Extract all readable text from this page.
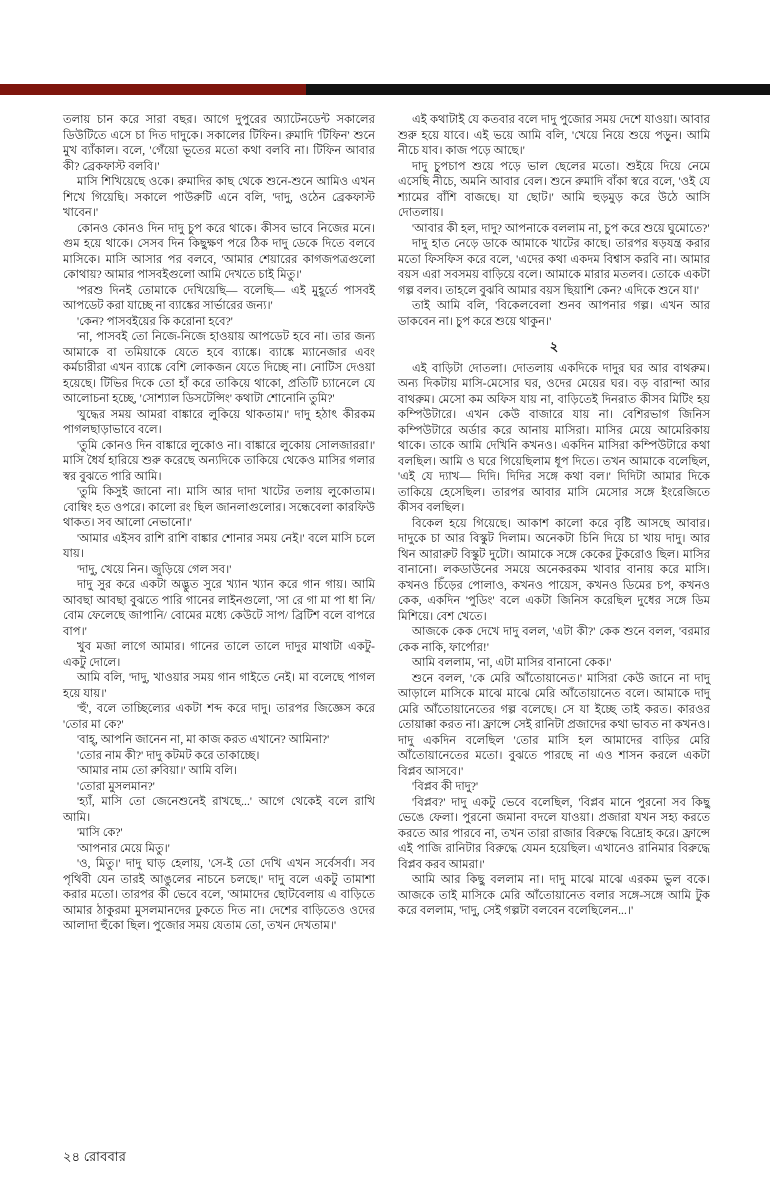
তলায় চান করে সারা বছর। আগে দুপুরের অ্যাটেনডেন্ট সকালের ডিউটিতে এসে চা দিত দাদুকে। সকালের টিফিন। রুমাদি 'টিফিন' শুনে মুখ ব্যাঁকাল। বলে, 'গেঁয়ো ভূতের মতো কথা বলবি না। টিফিন আবার কী? ব্রেকফাস্ট বলবি।'

মাসি শিখিয়েছে ওকে। রুমাদির কাছ থেকে শুনে-শুনে আমিও এখন শিখে গিয়েছি। সকালে পাউরুটি এনে বলি, 'দাদু, ওঠেন ব্রেকফাস্ট খাবেন।'

কোনও কোনও দিন দাদু চুপ করে থাকে। কীসব ভাবে নিজের মনে। গুম হয়ে থাকে। সেসব দিন কিছুক্ষণ পরে ঠিক দাদু ডেকে দিতে বলবে মাসিকে। মাসি আসার পর বলবে, 'আমার শেয়ারের কাগজপত্রগুলো কোথায়? আমার পাসবইগুলো আমি দেখতে চাই মিতু।'

'পরশু দিনই তোমাকে দেখিয়েছি— বলেছি— এই মুহূর্তে পাসবই আপডেট করা যাচ্ছে না ব্যাঙ্কের সার্ভারের জন্য।'

'কেন? পাসবইয়ের কি করোনা হবে?'

'না, পাসবই তো নিজে-নিজে হাওয়ায় আপডেট হবে না। তার জন্য আমাকে বা তমিয়াকে যেতে হবে ব্যাঙ্কে। ব্যাঙ্কে ম্যানেজার এবং কর্মচারীরা এখন ব্যাঙ্কে বেশি লোকজন যেতে দিচ্ছে না। নোটিস দেওয়া হয়েছে। টিভির দিকে তো হাঁ করে তাকিয়ে থাকো, প্রতিটি চ্যানেলে যে আলোচনা হচ্ছে, 'সোশ্যাল ডিসটেন্সিং' কথাটা শোনোনি তুমি?'

'যুদ্ধের সময় আমরা বাঙ্কারে লুকিয়ে থাকতাম।' দাদু হঠাৎ কীরকম পাগলছাড়াভাবে বলে।

'তুমি কোনও দিন বাঙ্কারে লুকোও না। বাঙ্কারে লুকোয় সোলজাররা।' মাসি ধৈর্য হারিয়ে শুরু করেছে অন্যদিকে তাকিয়ে থেকেও মাসির গলার স্বর বুঝতে পারি আমি।

'তুমি কিসুই জানো না। মাসি আর দাদা খাটের তলায় লুকোতাম। বোম্বিং হত ওপরে। কালো রং ছিল জানলাগুলোর। সন্ধেবেলা কারফিউ থাকত। সব আলো নেভানো।'

'আমার এইসব রাশি রাশি বাঙ্কার শোনার সময় নেই।' বলে মাসি চলে যায়।

'দাদু, খেয়ে নিন। জুড়িয়ে গেল সব।'

দাদু সুর করে একটা অদ্ভুত সুরে খ্যান খ্যান করে গান গায়। আমি আবছা আবছা বুঝতে পারি গানের লাইনগুলো, 'সা রে গা মা পা ধা নি/ বোম ফেলেছে জাপানি/ বোমের মধ্যে কেউটে সাপ/ ব্রিটিশ বলে বাপরে বাপ।'

খুব মজা লাগে আমার। গানের তালে তালে দাদুর মাথাটা একটু-একটু দোলে।

আমি বলি, 'দাদু, খাওয়ার সময় গান গাইতে নেই। মা বলেছে পাগল হয়ে যায়।'

'হুঁ', বলে তাচ্ছিল্যের একটা শব্দ করে দাদু। তারপর জিজ্ঞেস করে 'তোর মা কে?'

'বাহ্, আপনি জানেন না, মা কাজ করত এখানে? আমিনা?'

'তোর নাম কী?' দাদু কটমট করে তাকাচ্ছে।

'আমার নাম তো রুবিয়া।' আমি বলি।

'তোরা মুসলমান?'

'হ্যাঁ, মাসি তো জেনেশুনেই রাখছে...' আগে থেকেই বলে রাখি আমি।

'মাসি কে?'

'আপনার মেয়ে মিতু।'

'ও, মিতু।' দাদু ঘাড় হেলায়, 'সে-ই তো দেখি এখন সর্বেসর্বা। সব পৃথিবী যেন তারই আঙুলের নাচনে চলছে।' দাদু বলে একটু তামাশা করার মতো। তারপর কী ভেবে বলে, 'আমাদের ছোটবেলায় এ বাড়িতে আমার ঠাকুরমা মুসলমানদের ঢুকতে দিত না। দেশের বাড়িতেও ওদের আলাদা হুঁকো ছিল। পুজোর সময় যেতাম তো, তখন দেখতাম।'

এই কথাটাই যে কতবার বলে দাদু পুজোর সময় দেশে যাওয়া। আবার শুরু হয়ে যাবে। এই ভয়ে আমি বলি, 'খেয়ে নিয়ে শুয়ে পড়ুন। আমি নীচে যাব। কাজ পড়ে আছে।'

দাদু চুপচাপ শুয়ে পড়ে ভাল ছেলের মতো। শুইয়ে দিয়ে নেমে এসেছি নীচে, অমনি আবার বেল। শুনে রুমাদি বাঁকা স্বরে বলে, 'ওই যে শ্যামের বাঁশি বাজছে। যা ছোট।' আমি হুড়মুড় করে উঠে আসি দোতলায়।

'আবার কী হল, দাদু? আপনাকে বললাম না, চুপ করে শুয়ে ঘুমোতে?'

দাদু হাত নেড়ে ডাকে আমাকে খাটের কাছে। তারপর ষড়যন্ত্র করার মতো ফিসফিস করে বলে, 'এদের কথা একদম বিশ্বাস করবি না। আমার বয়স এরা সবসময় বাড়িয়ে বলে। আমাকে মারার মতলব। তোকে একটা গল্প বলব। তাহলে বুঝবি আমার বয়স ছিয়াশি কেন? এদিকে শুনে যা।'

তাই আমি বলি, 'বিকেলবেলা শুনব আপনার গল্প। এখন আর ডাকবেন না। চুপ করে শুয়ে থাকুন।'

২

এই বাড়িটা দোতলা। দোতলায় একদিকে দাদুর ঘর আর বাথরুম। অন্য দিকটায় মাসি-মেসোর ঘর, ওদের মেয়ের ঘর। বড় বারান্দা আর বাথরুম। মেসো কম অফিস যায় না, বাড়িতেই দিনরাত কীসব মিটিং হয় কম্পিউটারে। এখন কেউ বাজারে যায় না। বেশিরভাগ জিনিস কম্পিউটারে অর্ডার করে আনায় মাসিরা। মাসির মেয়ে আমেরিকায় থাকে। তাকে আমি দেখিনি কখনও। একদিন মাসিরা কম্পিউটারে কথা বলছিল। আমি ও ঘরে গিয়েছিলাম ধূপ দিতে। তখন আমাকে বলেছিল, 'এই যে দ্যাখ— দিদি। দিদির সঙ্গে কথা বল।' দিদিটা আমার দিকে তাকিয়ে হেসেছিল। তারপর আবার মাসি মেসোর সঙ্গে ইংরেজিতে কীসব বলছিল।

বিকেল হয়ে গিয়েছে। আকাশ কালো করে বৃষ্টি আসছে আবার। দাদুকে চা আর বিস্কুট দিলাম। অনেকটা চিনি দিয়ে চা খায় দাদু। আর থিন আরারুট বিস্কুট দুটো। আমাকে সঙ্গে কেকের টুকরোও ছিল। মাসির বানানো। লকডাউনের সময়ে অনেকরকম খাবার বানায় করে মাসি। কখনও চিঁড়ের পোলাও, কখনও পায়েস, কখনও ডিমের চপ, কখনও কেক, একদিন 'পুডিং' বলে একটা জিনিস করেছিল দুধের সঙ্গে ডিম মিশিয়ে। বেশ খেতে।

আজকে কেক দেখে দাদু বলল, 'এটা কী?' কেক শুনে বলল, 'বরমার কেক নাকি, ফার্পোর!'

আমি বললাম, 'না, এটা মাসির বানানো কেক।'

শুনে বলল, 'কে মেরি আঁতোয়ানেত।' মাসিরা কেউ জানে না দাদু আড়ালে মাসিকে মাঝে মাঝে মেরি আঁতোয়ানেত বলে। আমাকে দাদু মেরি আঁতোয়ানেতের গল্প বলেছে। সে যা ইচ্ছে তাই করত। কারওর তোয়াক্কা করত না। ফ্রান্সে সেই রানিটা প্রজাদের কথা ভাবত না কখনও। দাদু একদিন বলেছিল 'তোর মাসি হল আমাদের বাড়ির মেরি আঁতোয়ানেতের মতো। বুঝতে পারছে না এও শাসন করলে একটা বিপ্লব আসবে।'

'বিপ্লব কী দাদু?'

'বিপ্লব?' দাদু একটু ভেবে বলেছিল, 'বিপ্লব মানে পুরনো সব কিছু ভেঙে ফেলা। পুরনো জমানা বদলে যাওয়া। প্রজারা যখন সহ্য করতে করতে আর পারবে না, তখন তারা রাজার বিরুদ্ধে বিদ্রোহ করে। ফ্রান্সে এই পাজি রানিটার বিরুদ্ধে যেমন হয়েছিল। এখানেও রানিমার বিরুদ্ধে বিপ্লব করব আমরা।'

আমি আর কিছু বললাম না। দাদু মাঝে মাঝে এরকম ভুল বকে। আজকে তাই মাসিকে মেরি আঁতোয়ানেত বলার সঙ্গে-সঙ্গে আমি টুক করে বললাম, 'দাদু, সেই গল্পটা বলবেন বলেছিলেন...।'

২৪ রোববার
